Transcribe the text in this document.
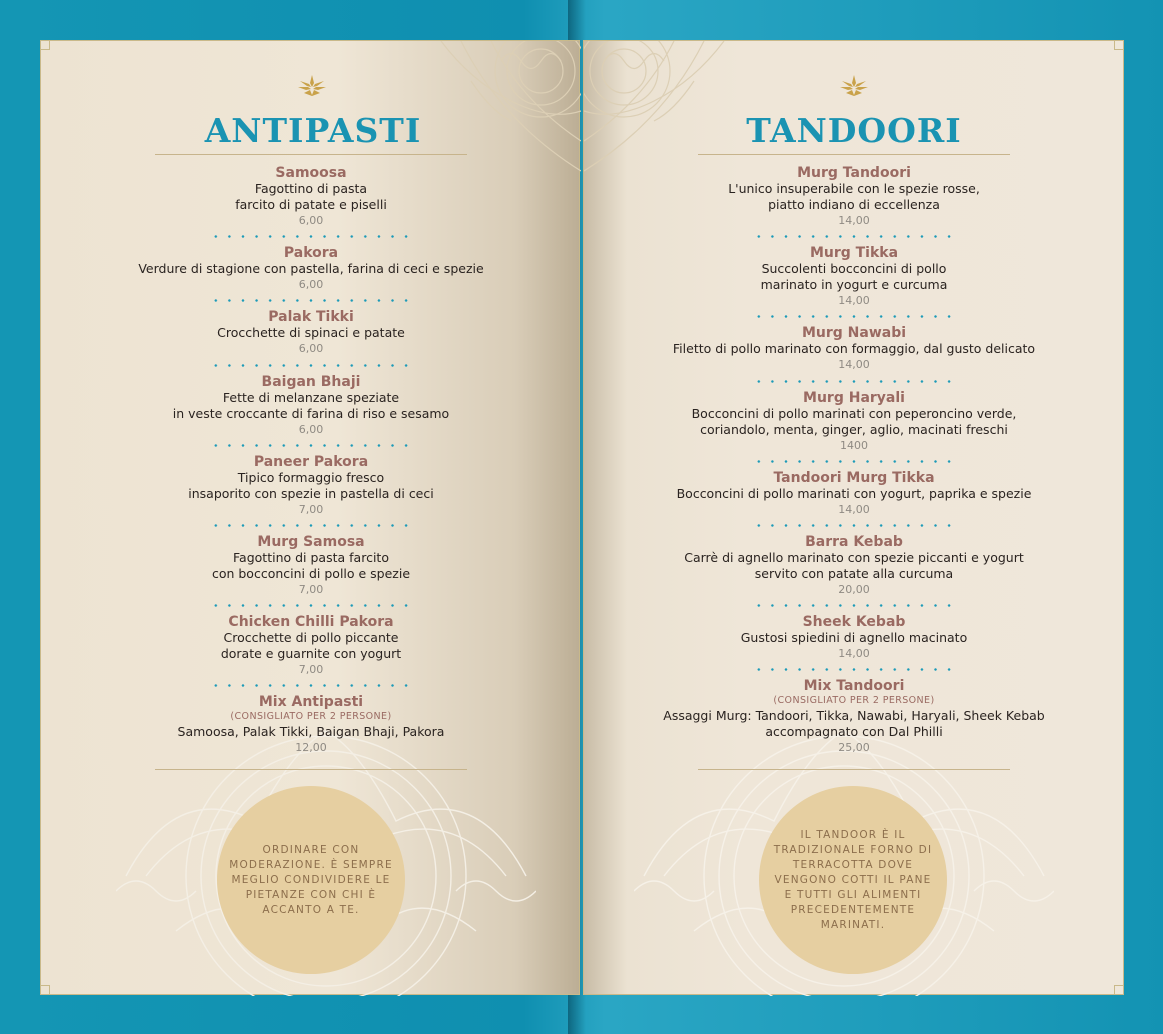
ANTIPASTI
Samoosa
Fagottino di pasta
farcito di patate e piselli
6,00
Pakora
Verdure di stagione con pastella, farina di ceci e spezie
6,00
Palak Tikki
Crocchette di spinaci e patate
6,00
Baigan Bhaji
Fette di melanzane speziate
in veste croccante di farina di riso e sesamo
6,00
Paneer Pakora
Tipico formaggio fresco
insaporito con spezie in pastella di ceci
7,00
Murg Samosa
Fagottino di pasta farcito
con bocconcini di pollo e spezie
7,00
Chicken Chilli Pakora
Crocchette di pollo piccante
dorate e guarnite con yogurt
7,00
Mix Antipasti
(CONSIGLIATO PER 2 PERSONE)
Samoosa, Palak Tikki, Baigan Bhaji, Pakora
12,00
ORDINARE CON MODERAZIONE. È SEMPRE MEGLIO CONDIVIDERE LE PIETANZE CON CHI È ACCANTO A TE.
TANDOORI
Murg Tandoori
L'unico insuperabile con le spezie rosse,
piatto indiano di eccellenza
14,00
Murg Tikka
Succolenti bocconcini di pollo
marinato in yogurt e curcuma
14,00
Murg Nawabi
Filetto di pollo marinato con formaggio, dal gusto delicato
14,00
Murg Haryali
Bocconcini di pollo marinati con peperoncino verde,
coriandolo, menta, ginger, aglio, macinati freschi
1400
Tandoori Murg Tikka
Bocconcini di pollo marinati con yogurt, paprika e spezie
14,00
Barra Kebab
Carrè di agnello marinato con spezie piccanti e yogurt
servito con patate alla curcuma
20,00
Sheek Kebab
Gustosi spiedini di agnello macinato
14,00
Mix Tandoori
(CONSIGLIATO PER 2 PERSONE)
Assaggi Murg: Tandoori, Tikka, Nawabi, Haryali, Sheek Kebab
accompagnato con Dal Philli
25,00
IL TANDOOR È IL TRADIZIONALE FORNO DI TERRACOTTA DOVE VENGONO COTTI IL PANE E TUTTI GLI ALIMENTI PRECEDENTEMENTE MARINATI.
